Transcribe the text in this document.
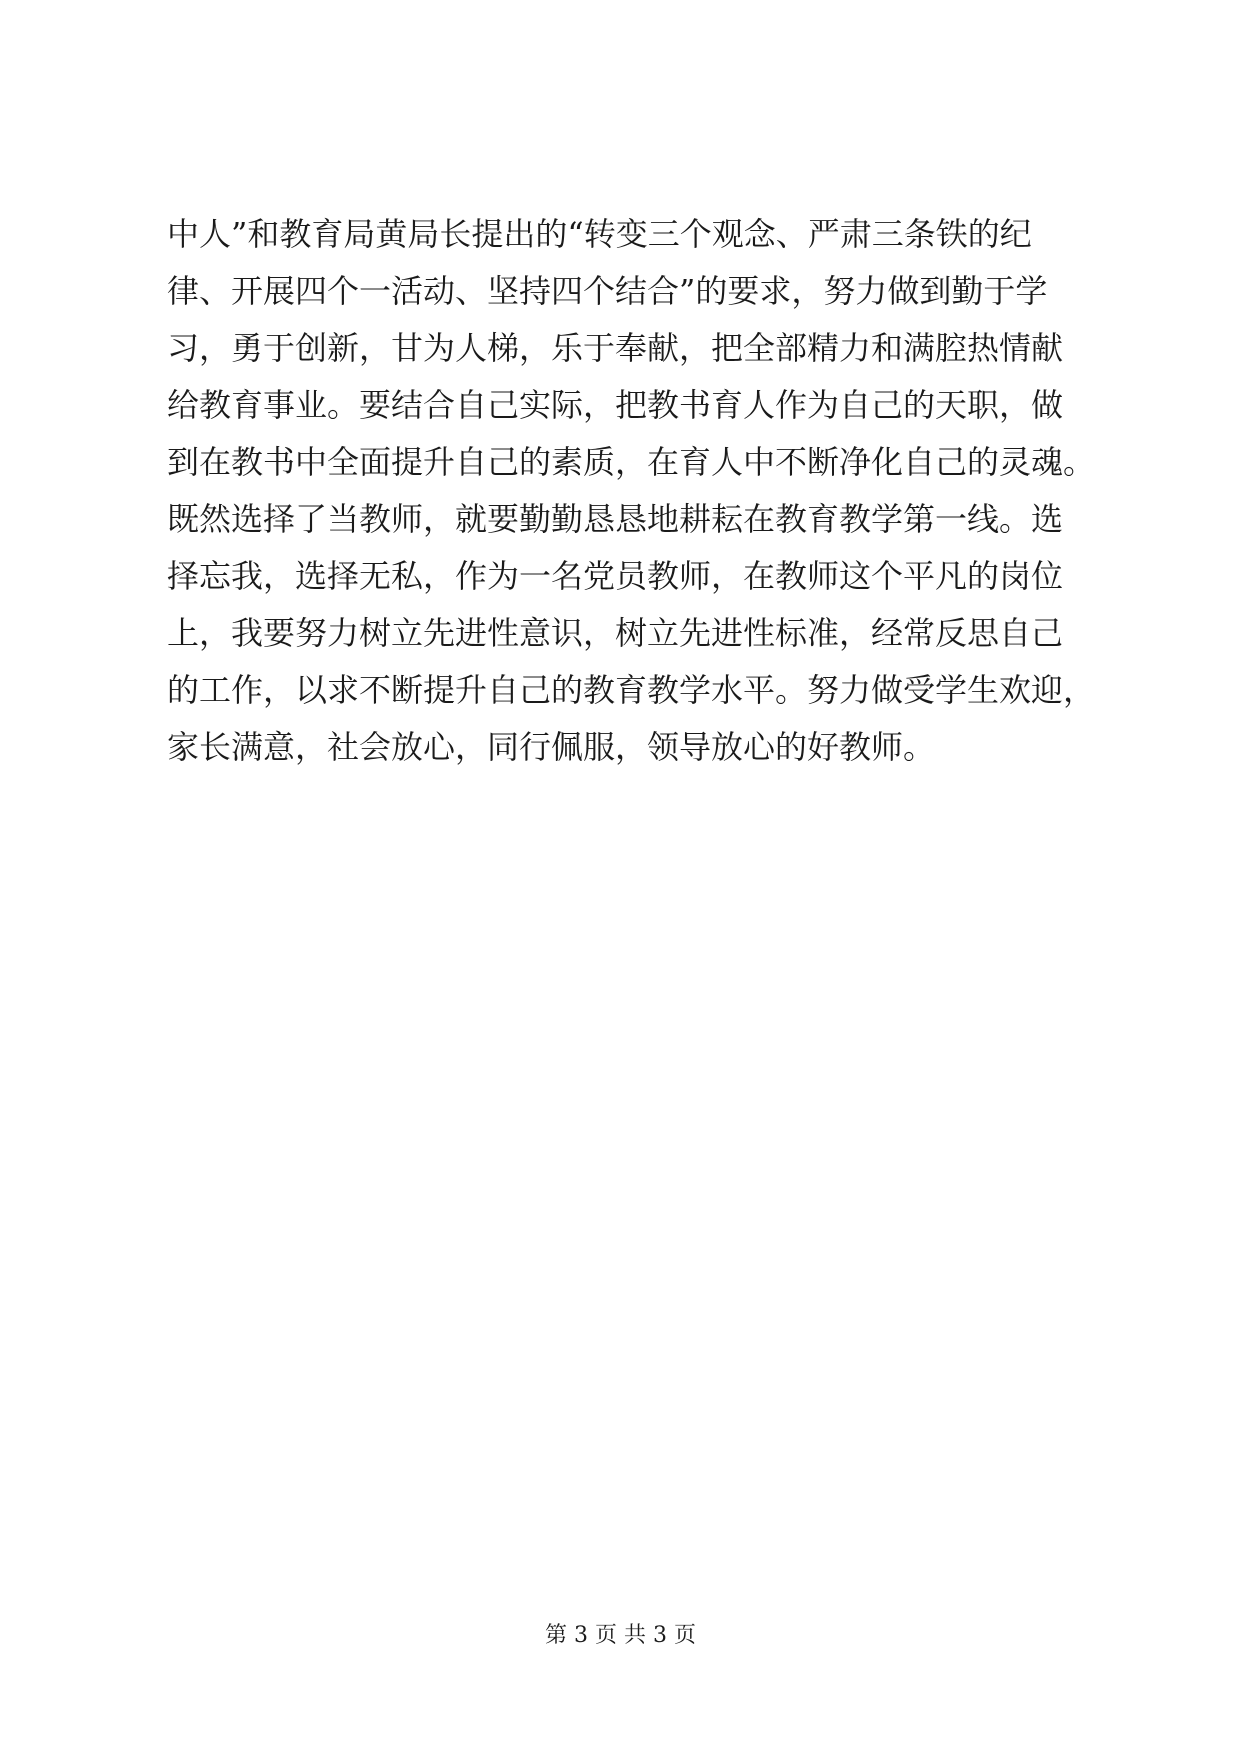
中人”和教育局黄局长提出的“转变三个观念、严肃三条铁的纪
律、开展四个一活动、坚持四个结合”的要求，努力做到勤于学
习，勇于创新，甘为人梯，乐于奉献，把全部精力和满腔热情献
给教育事业。要结合自己实际，把教书育人作为自己的天职，做
到在教书中全面提升自己的素质，在育人中不断净化自己的灵魂。
既然选择了当教师，就要勤勤恳恳地耕耘在教育教学第一线。选
择忘我，选择无私，作为一名党员教师，在教师这个平凡的岗位
上，我要努力树立先进性意识，树立先进性标准，经常反思自己
的工作，以求不断提升自己的教育教学水平。努力做受学生欢迎，
家长满意，社会放心，同行佩服，领导放心的好教师。
第 3 页 共 3 页
